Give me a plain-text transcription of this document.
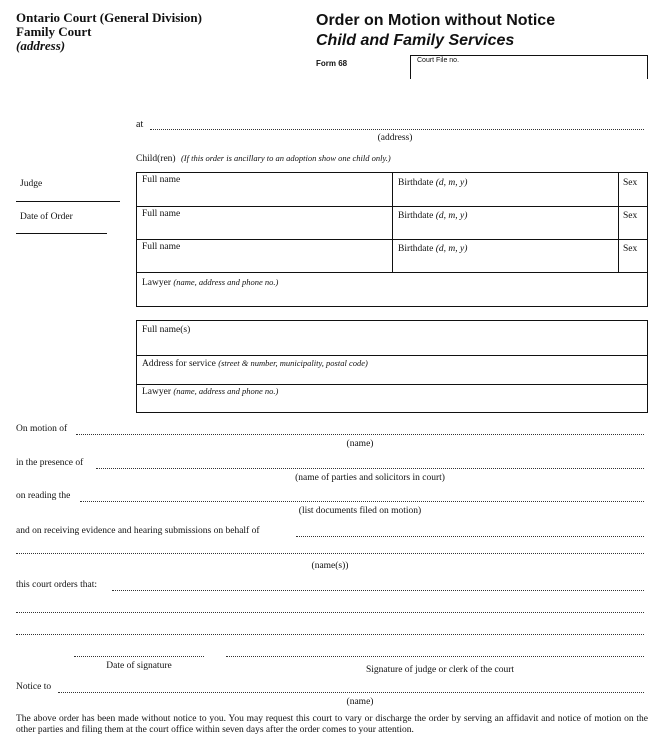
Ontario Court (General Division)
Family Court
(address)
Order on Motion without Notice
Child and Family Services
Form 68	Court File no.
at
(address)
Child(ren) (If this order is ancillary to an adoption show one child only.)
Judge
Date of Order
Full name	Birthdate (d, m, y)	Sex
Full name	Birthdate (d, m, y)	Sex
Full name	Birthdate (d, m, y)	Sex
Lawyer (name, address and phone no.)
Full name(s)
Address for service (street & number, municipality, postal code)
Lawyer (name, address and phone no.)
On motion of
(name)
in the presence of
(name of parties and solicitors in court)
on reading the
(list documents filed on motion)
and on receiving evidence and hearing submissions on behalf of
(name(s))
this court orders that:
Date of signature	Signature of judge or clerk of the court
Notice to
(name)
The above order has been made without notice to you. You may request this court to vary or discharge the order by serving an affidavit and notice of motion on the other parties and filing them at the court office within seven days after the order comes to your attention.
